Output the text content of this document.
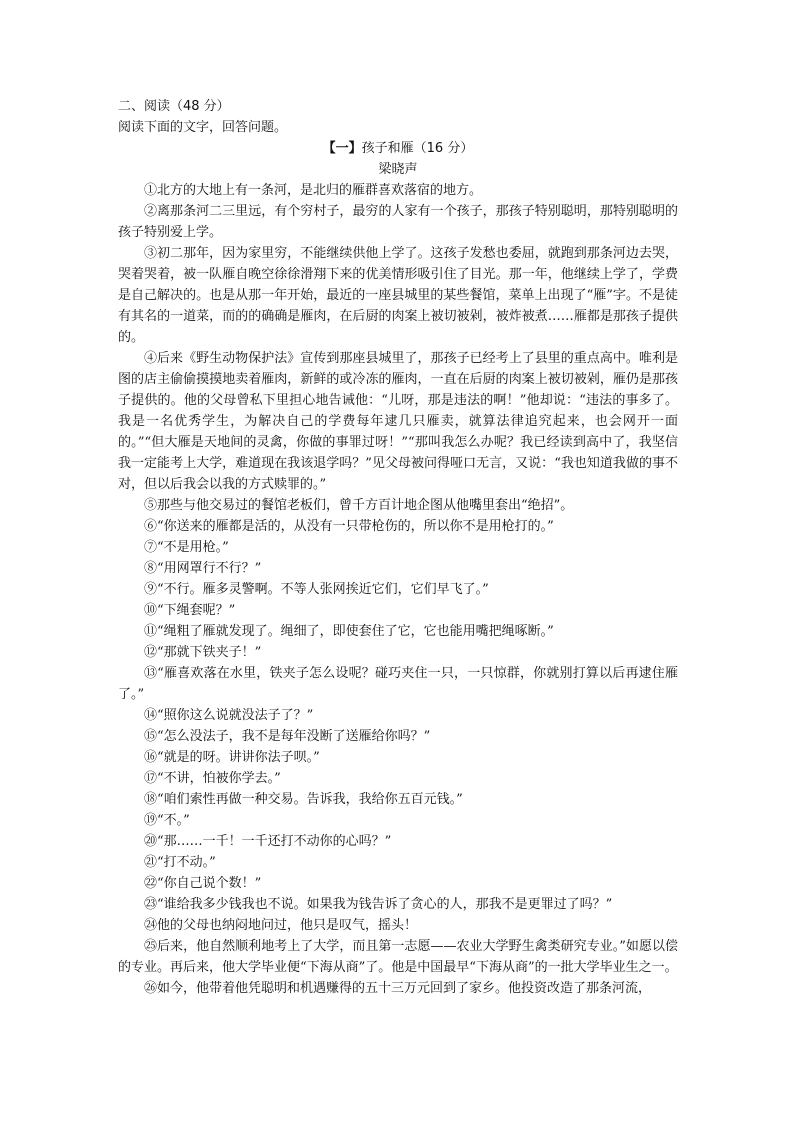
二、阅读（48 分）
阅读下面的文字，回答问题。
【一】孩子和雁（16 分）
梁晓声

①北方的大地上有一条河，是北归的雁群喜欢落宿的地方。

②离那条河二三里远，有个穷村子，最穷的人家有一个孩子，那孩子特别聪明，那特别聪明的孩子特别爱上学。

③初二那年，因为家里穷，不能继续供他上学了。这孩子发愁也委屈，就跑到那条河边去哭，哭着哭着，被一队雁自晚空徐徐滑翔下来的优美情形吸引住了目光。那一年，他继续上学了，学费是自己解决的。也是从那一年开始，最近的一座县城里的某些餐馆，菜单上出现了“雁”字。不是徒有其名的一道菜，而的的确确是雁肉，在后厨的肉案上被切被剁，被炸被煮……雁都是那孩子提供的。

④后来《野生动物保护法》宣传到那座县城里了，那孩子已经考上了县里的重点高中。唯利是图的店主偷偷摸摸地卖着雁肉，新鲜的或冷冻的雁肉，一直在后厨的肉案上被切被剁，雁仍是那孩子提供的。他的父母曾私下里担心地告诫他：“儿呀，那是违法的啊！”他却说：“违法的事多了。我是一名优秀学生，为解决自己的学费每年逮几只雁卖，就算法律追究起来，也会网开一面的。”“但大雁是天地间的灵禽，你做的事罪过呀！”“那叫我怎么办呢？我已经读到高中了，我坚信我一定能考上大学，难道现在我该退学吗？”见父母被问得哑口无言，又说：“我也知道我做的事不对，但以后我会以我的方式赎罪的。”

⑤那些与他交易过的餐馆老板们，曾千方百计地企图从他嘴里套出“绝招”。

⑥“你送来的雁都是活的，从没有一只带枪伤的，所以你不是用枪打的。”

⑦“不是用枪。”

⑧“用网罩行不行？”

⑨“不行。雁多灵警啊。不等人张网挨近它们，它们早飞了。”

⑩“下绳套呢？”

⑪“绳粗了雁就发现了。绳细了，即使套住了它，它也能用嘴把绳啄断。”

⑫“那就下铁夹子！”

⑬“雁喜欢落在水里，铁夹子怎么设呢？碰巧夹住一只，一只惊群，你就别打算以后再逮住雁了。”

⑭“照你这么说就没法子了？”

⑮“怎么没法子，我不是每年没断了送雁给你吗？”

⑯“就是的呀。讲讲你法子呗。”

⑰“不讲，怕被你学去。”

⑱“咱们索性再做一种交易。告诉我，我给你五百元钱。”

⑲“不。”

⑳“那……一千！一千还打不动你的心吗？”

㉑“打不动。”

㉒“你自己说个数！”

㉓“谁给我多少钱我也不说。如果我为钱告诉了贪心的人，那我不是更罪过了吗？”

㉔他的父母也纳闷地问过，他只是叹气，摇头！

㉕后来，他自然顺利地考上了大学，而且第一志愿——农业大学野生禽类研究专业。”如愿以偿的专业。再后来，他大学毕业便“下海从商”了。他是中国最早“下海从商”的一批大学毕业生之一。

㉖如今，他带着他凭聪明和机遇赚得的五十三万元回到了家乡。他投资改造了那条河流，
